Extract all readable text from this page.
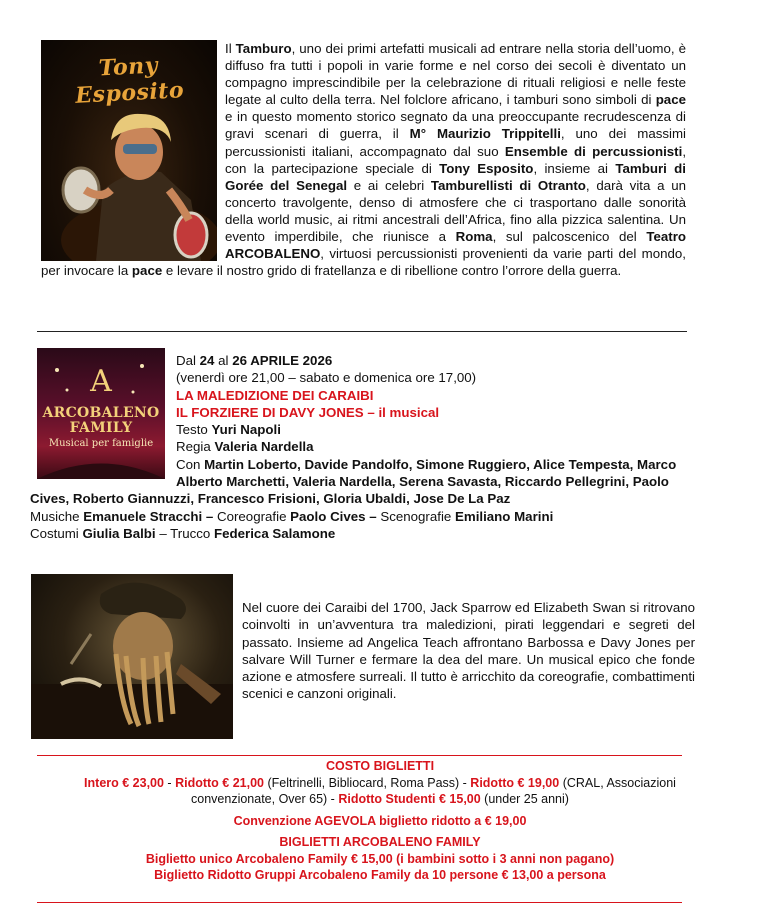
Tony Esposito
Il Tamburo, uno dei primi artefatti musicali ad entrare nella storia dell’uomo, è diffuso fra tutti i popoli in varie forme e nel corso dei secoli è diventato un compagno imprescindibile per la celebrazione di rituali religiosi e nelle feste legate al culto della terra. Nel folclore africano, i tamburi sono simboli di pace e in questo momento storico segnato da una preoccupante recrudescenza di gravi scenari di guerra, il M° Maurizio Trippitelli, uno dei massimi percussionisti italiani, accompagnato dal suo Ensemble di percussionisti, con la partecipazione speciale di Tony Esposito, insieme ai Tamburi di Gorée del Senegal e ai celebri Tamburellisti di Otranto, darà vita a un concerto travolgente, denso di atmosfere che ci trasportano dalle sonorità della world music, ai ritmi ancestrali dell’Africa, fino alla pizzica salentina. Un evento imperdibile, che riunisce a Roma, sul palcoscenico del Teatro ARCOBALENO, virtuosi percussionisti provenienti da varie parti del mondo, per invocare la pace e levare il nostro grido di fratellanza e di ribellione contro l’orrore della guerra.
A
ARCOBALENO
FAMILY
Musical per famiglie
Dal 24 al 26 APRILE 2026
(venerdì ore 21,00 – sabato e domenica ore 17,00)
LA MALEDIZIONE DEI CARAIBI
IL FORZIERE DI DAVY JONES – il musical
Testo Yuri Napoli
Regia Valeria Nardella
Con Martin Loberto, Davide Pandolfo, Simone Ruggiero, Alice Tempesta, Marco Alberto Marchetti, Valeria Nardella, Serena Savasta, Riccardo Pellegrini, Paolo Cives, Roberto Giannuzzi, Francesco Frisioni, Gloria Ubaldi, Jose De La Paz
Musiche Emanuele Stracchi – Coreografie Paolo Cives – Scenografie Emiliano Marini
Costumi Giulia Balbi – Trucco Federica Salamone
Nel cuore dei Caraibi del 1700, Jack Sparrow ed Elizabeth Swan si ritrovano coinvolti in un’avventura tra maledizioni, pirati leggendari e segreti del passato. Insieme ad Angelica Teach affrontano Barbossa e Davy Jones per salvare Will Turner e fermare la dea del mare. Un musical epico che fonde azione e atmosfere surreali. Il tutto è arricchito da coreografie, combattimenti scenici e canzoni originali.
COSTO BIGLIETTI
Intero € 23,00 - Ridotto € 21,00 (Feltrinelli, Bibliocard, Roma Pass) - Ridotto € 19,00 (CRAL, Associazioni convenzionate, Over 65) - Ridotto Studenti € 15,00 (under 25 anni)
Convenzione AGEVOLA biglietto ridotto a € 19,00
BIGLIETTI ARCOBALENO FAMILY
Biglietto unico Arcobaleno Family € 15,00 (i bambini sotto i 3 anni non pagano)
Biglietto Ridotto Gruppi Arcobaleno Family da 10 persone € 13,00 a persona
